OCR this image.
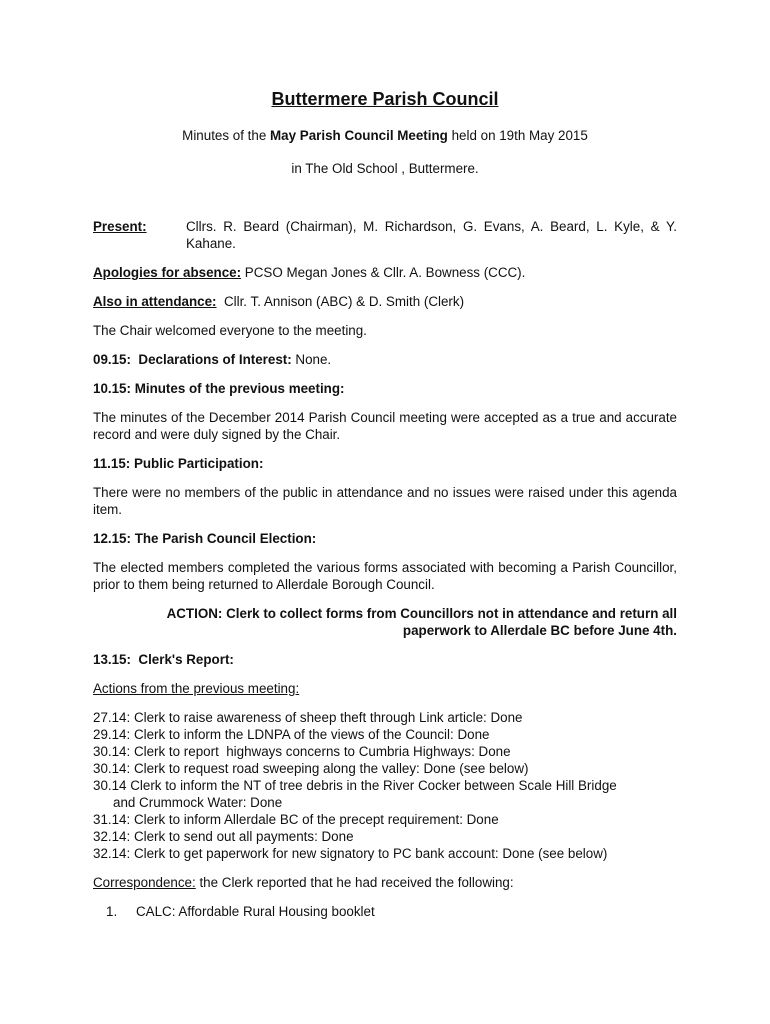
Buttermere Parish Council

Minutes of the May Parish Council Meeting held on 19th May 2015

in The Old School , Buttermere.

Present:	Cllrs. R. Beard (Chairman), M. Richardson, G. Evans, A. Beard, L. Kyle, & Y. Kahane.

Apologies for absence: PCSO Megan Jones & Cllr. A. Bowness (CCC).

Also in attendance:  Cllr. T. Annison (ABC) & D. Smith (Clerk)

The Chair welcomed everyone to the meeting.

09.15:  Declarations of Interest: None.

10.15: Minutes of the previous meeting:

The minutes of the December 2014 Parish Council meeting were accepted as a true and accurate record and were duly signed by the Chair.

11.15: Public Participation:

There were no members of the public in attendance and no issues were raised under this agenda item.

12.15: The Parish Council Election:

The elected members completed the various forms associated with becoming a Parish Councillor, prior to them being returned to Allerdale Borough Council.

ACTION: Clerk to collect forms from Councillors not in attendance and return all
paperwork to Allerdale BC before June 4th.

13.15:  Clerk's Report:

Actions from the previous meeting:

27.14: Clerk to raise awareness of sheep theft through Link article: Done
29.14: Clerk to inform the LDNPA of the views of the Council: Done
30.14: Clerk to report  highways concerns to Cumbria Highways: Done
30.14: Clerk to request road sweeping along the valley: Done (see below)
30.14 Clerk to inform the NT of tree debris in the River Cocker between Scale Hill Bridge
and Crummock Water: Done
31.14: Clerk to inform Allerdale BC of the precept requirement: Done
32.14: Clerk to send out all payments: Done
32.14: Clerk to get paperwork for new signatory to PC bank account: Done (see below)

Correspondence: the Clerk reported that he had received the following:

1.	CALC: Affordable Rural Housing booklet
